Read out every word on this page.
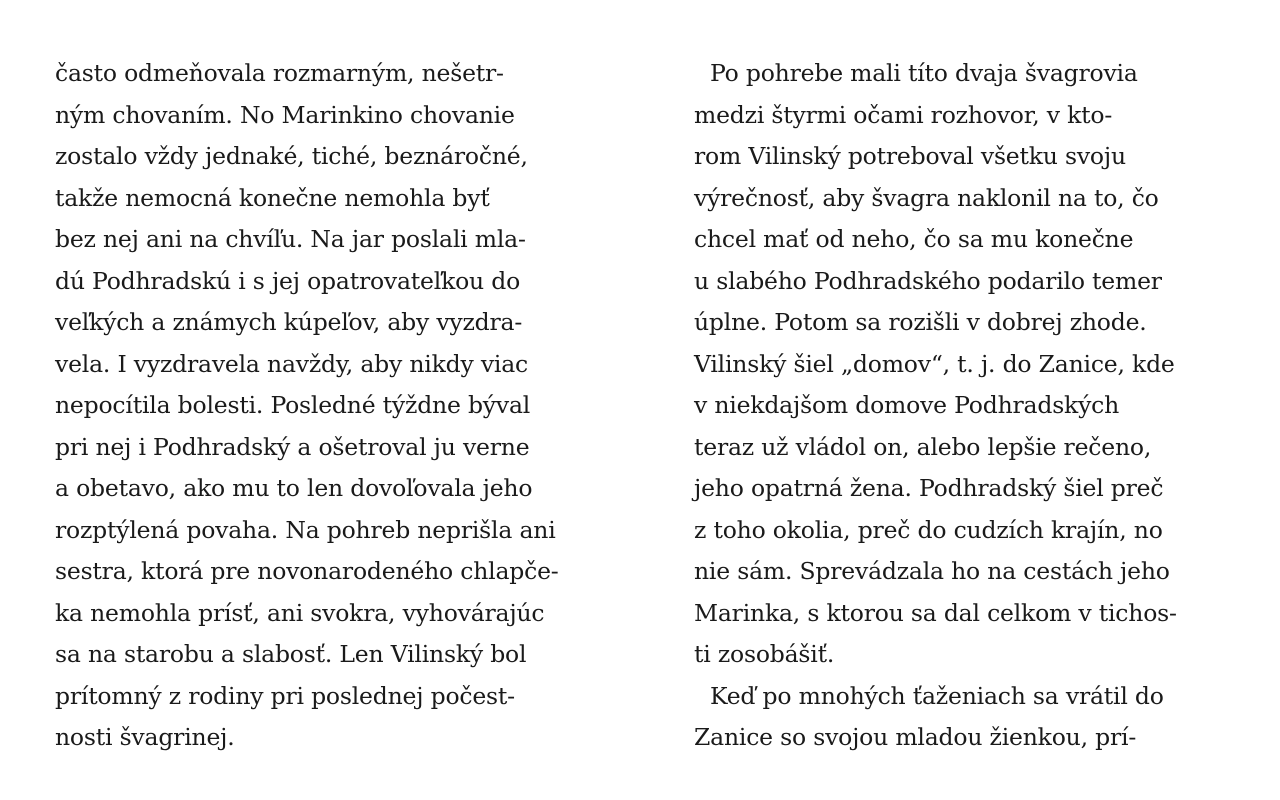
často odmeňovala rozmarným, nešetr-
ným chovaním. No Marinkino chovanie
zostalo vždy jednaké, tiché, beznáročné,
takže nemocná konečne nemohla byť
bez nej ani na chvíľu. Na jar poslali mla-
dú Podhradskú i s jej opatrovateľkou do
veľkých a známych kúpeľov, aby vyzdra-
vela. I vyzdravela navždy, aby nikdy viac
nepocítila bolesti. Posledné týždne býval
pri nej i Podhradský a ošetroval ju verne
a obetavo, ako mu to len dovoľovala jeho
rozptýlená povaha. Na pohreb neprišla ani
sestra, ktorá pre novonarodeného chlapče-
ka nemohla prísť, ani svokra, vyhovárajúc
sa na starobu a slabosť. Len Vilinský bol
prítomný z rodiny pri poslednej počest-
nosti švagrinej.
Po pohrebe mali títo dvaja švagrovia
medzi štyrmi očami rozhovor, v kto-
rom Vilinský potreboval všetku svoju
výrečnosť, aby švagra naklonil na to, čo
chcel mať od neho, čo sa mu konečne
u slabého Podhradského podarilo temer
úplne. Potom sa rozišli v dobrej zhode.
Vilinský šiel „domov“, t. j. do Zanice, kde
v niekdajšom domove Podhradských
teraz už vládol on, alebo lepšie rečeno,
jeho opatrná žena. Podhradský šiel preč
z toho okolia, preč do cudzích krajín, no
nie sám. Sprevádzala ho na cestách jeho
Marinka, s ktorou sa dal celkom v tichos-
ti zosobášiť.
Keď po mnohých ťaženiach sa vrátil do
Zanice so svojou mladou žienkou, prí-
